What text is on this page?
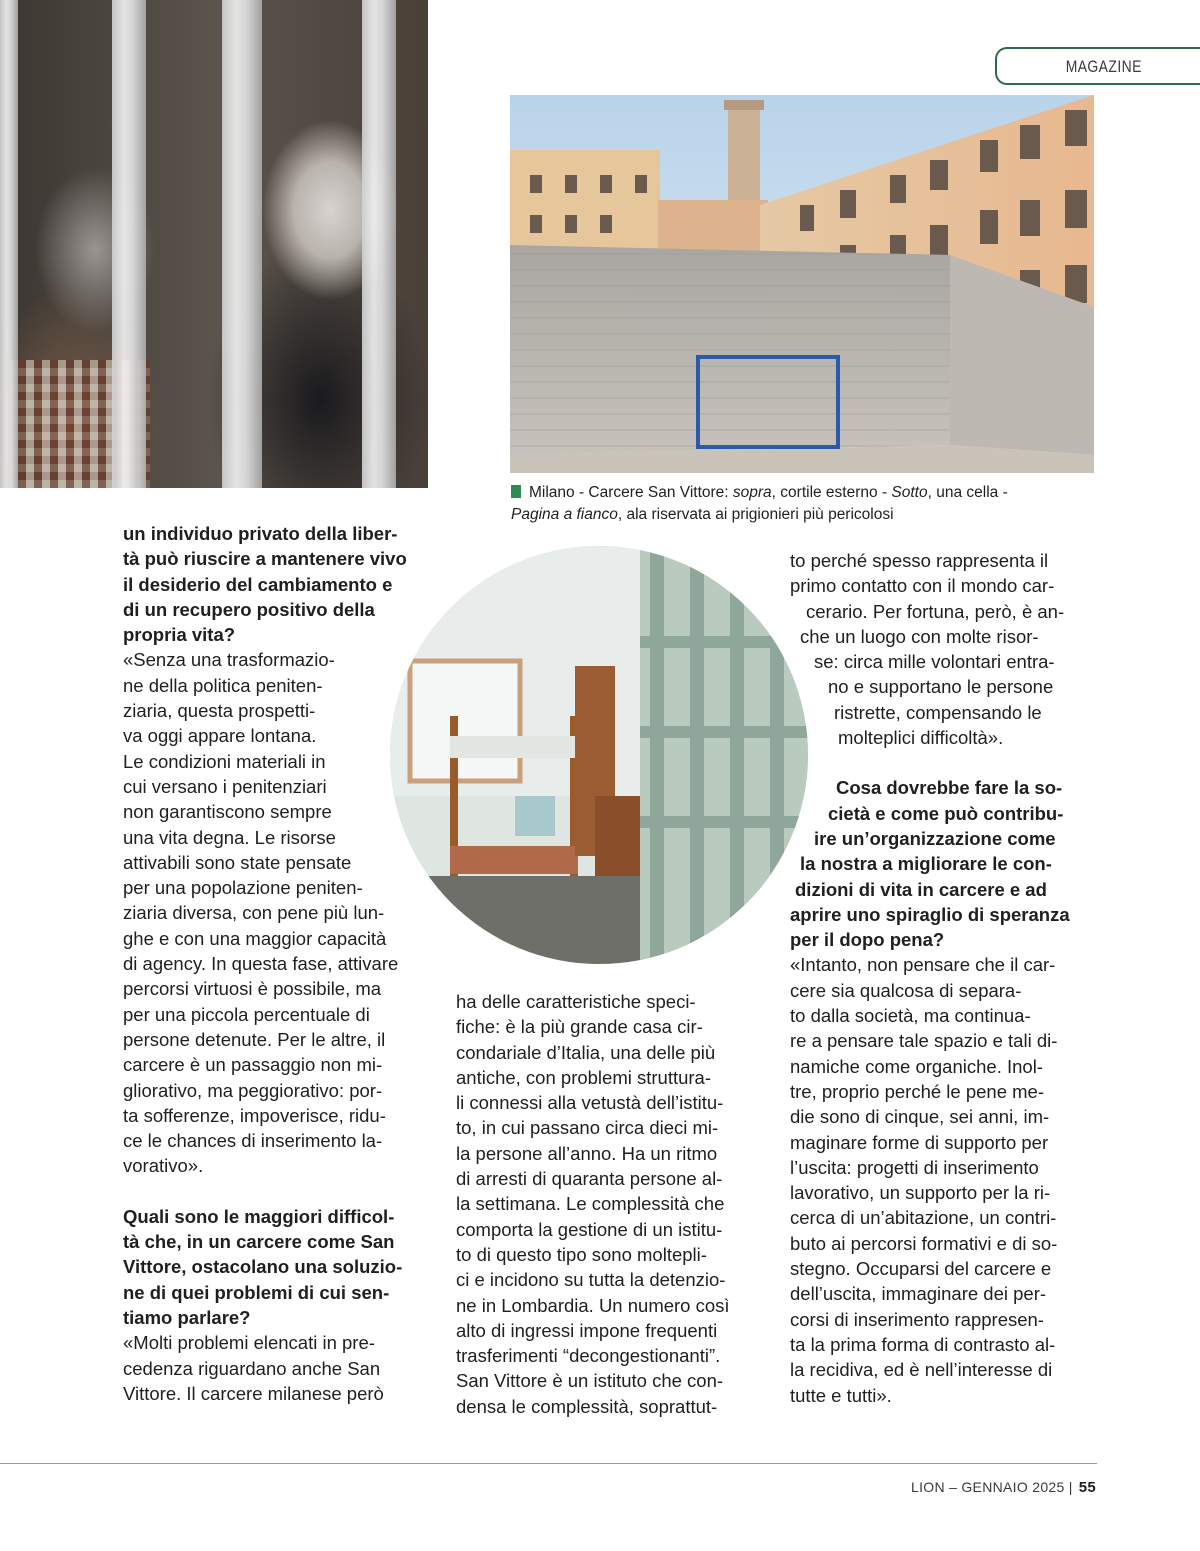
MAGAZINE
Milano - Carcere San Vittore: sopra, cortile esterno - Sotto, una cella -
Pagina a fianco, ala riservata ai prigionieri più pericolosi

un individuo privato della liber-
tà può riuscire a mantenere vivo
il desiderio del cambiamento e
di un recupero positivo della
propria vita?

«Senza una trasformazio-
ne della politica peniten-
ziaria, questa prospetti-
va oggi appare lontana.
Le condizioni materiali in
cui versano i penitenziari
non garantiscono sempre
una vita degna. Le risorse
attivabili sono state pensate
per una popolazione peniten-
ziaria diversa, con pene più lun-
ghe e con una maggior capacità
di agency. In questa fase, attivare
percorsi virtuosi è possibile, ma
per una piccola percentuale di
persone detenute. Per le altre, il
carcere è un passaggio non mi-
gliorativo, ma peggiorativo: por-
ta sofferenze, impoverisce, ridu-
ce le chances di inserimento la-
vorativo».

Quali sono le maggiori difficol-
tà che, in un carcere come San
Vittore, ostacolano una soluzio-
ne di quei problemi di cui sen-
tiamo parlare?

«Molti problemi elencati in pre-
cedenza riguardano anche San
Vittore. Il carcere milanese però

ha delle caratteristiche speci-
fiche: è la più grande casa cir-
condariale d’Italia, una delle più
antiche, con problemi struttura-
li connessi alla vetustà dell’istitu-
to, in cui passano circa dieci mi-
la persone all’anno. Ha un ritmo
di arresti di quaranta persone al-
la settimana. Le complessità che
comporta la gestione di un istitu-
to di questo tipo sono moltepli-
ci e incidono su tutta la detenzio-
ne in Lombardia. Un numero così
alto di ingressi impone frequenti
trasferimenti “decongestionanti”.
San Vittore è un istituto che con-
densa le complessità, soprattut-

to perché spesso rappresenta il
primo contatto con il mondo car-
cerario. Per fortuna, però, è an-
che un luogo con molte risor-
se: circa mille volontari entra-
no e supportano le persone
ristrette, compensando le
molteplici difficoltà».

Cosa dovrebbe fare la so-
cietà e come può contribu-
ire un’organizzazione come
la nostra a migliorare le con-
dizioni di vita in carcere e ad
aprire uno spiraglio di speranza
per il dopo pena?

«Intanto, non pensare che il car-
cere sia qualcosa di separa-
to dalla società, ma continua-
re a pensare tale spazio e tali di-
namiche come organiche. Inol-
tre, proprio perché le pene me-
die sono di cinque, sei anni, im-
maginare forme di supporto per
l’uscita: progetti di inserimento
lavorativo, un supporto per la ri-
cerca di un’abitazione, un contri-
buto ai percorsi formativi e di so-
stegno. Occuparsi del carcere e
dell’uscita, immaginare dei per-
corsi di inserimento rappresen-
ta la prima forma di contrasto al-
la recidiva, ed è nell’interesse di
tutte e tutti».

LION – GENNAIO 2025 | 55
